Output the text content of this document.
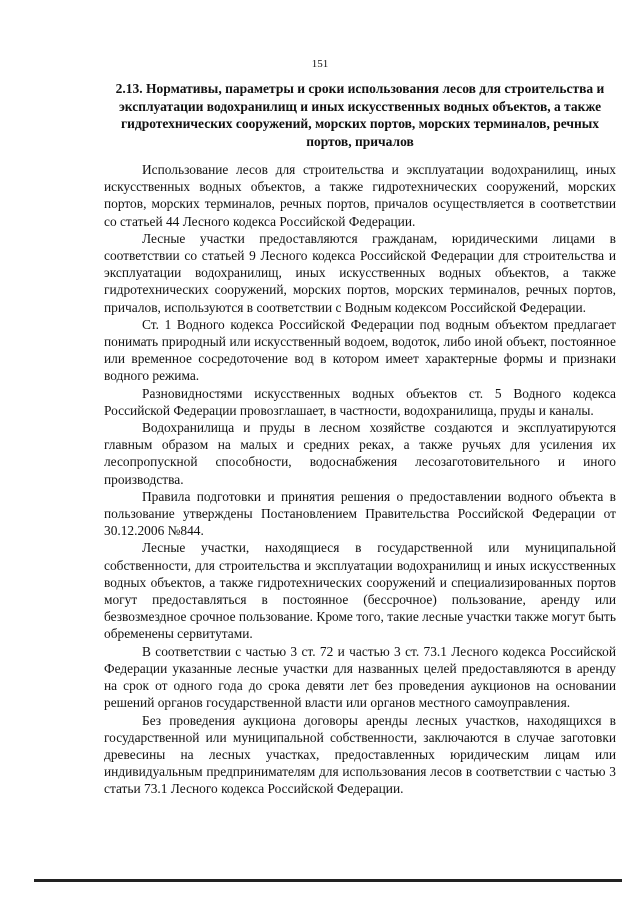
151
2.13. Нормативы, параметры и сроки использования лесов для строительства и эксплуатации водохранилищ и иных искусственных водных объектов, а также гидротехнических сооружений, морских портов, морских терминалов, речных портов, причалов

Использование лесов для строительства и эксплуатации водохранилищ, иных искусственных водных объектов, а также гидротехнических сооружений, морских портов, морских терминалов, речных портов, причалов осуществляется в соответствии со статьей 44 Лесного кодекса Российской Федерации.

Лесные участки предоставляются гражданам, юридическими лицами в соответствии со статьей 9 Лесного кодекса Российской Федерации для строительства и эксплуатации водохранилищ, иных искусственных водных объектов, а также гидротехнических сооружений, морских портов, морских терминалов, речных портов, причалов, используются в соответствии с Водным кодексом Российской Федерации.

Ст. 1 Водного кодекса Российской Федерации под водным объектом предлагает понимать природный или искусственный водоем, водоток, либо иной объект, постоянное или временное сосредоточение вод в котором имеет характерные формы и признаки водного режима.

Разновидностями искусственных водных объектов ст. 5 Водного кодекса Российской Федерации провозглашает, в частности, водохранилища, пруды и каналы.

Водохранилища и пруды в лесном хозяйстве создаются и эксплуатируются главным образом на малых и средних реках, а также ручьях для усиления их лесопропускной способности, водоснабжения лесозаготовительного и иного производства.

Правила подготовки и принятия решения о предоставлении водного объекта в пользование утверждены Постановлением Правительства Российской Федерации от 30.12.2006 №844.

Лесные участки, находящиеся в государственной или муниципальной собственности, для строительства и эксплуатации водохранилищ и иных искусственных водных объектов, а также гидротехнических сооружений и специализированных портов могут предоставляться в постоянное (бессрочное) пользование, аренду или безвозмездное срочное пользование. Кроме того, такие лесные участки также могут быть обременены сервитутами.

В соответствии с частью 3 ст. 72 и частью 3 ст. 73.1 Лесного кодекса Российской Федерации указанные лесные участки для названных целей предоставляются в аренду на срок от одного года до срока девяти лет без проведения аукционов на основании решений органов государственной власти или органов местного самоуправления.

Без проведения аукциона договоры аренды лесных участков, находящихся в государственной или муниципальной собственности, заключаются в случае заготовки древесины на лесных участках, предоставленных юридическим лицам или индивидуальным предпринимателям для использования лесов в соответствии с частью 3 статьи 73.1 Лесного кодекса Российской Федерации.
